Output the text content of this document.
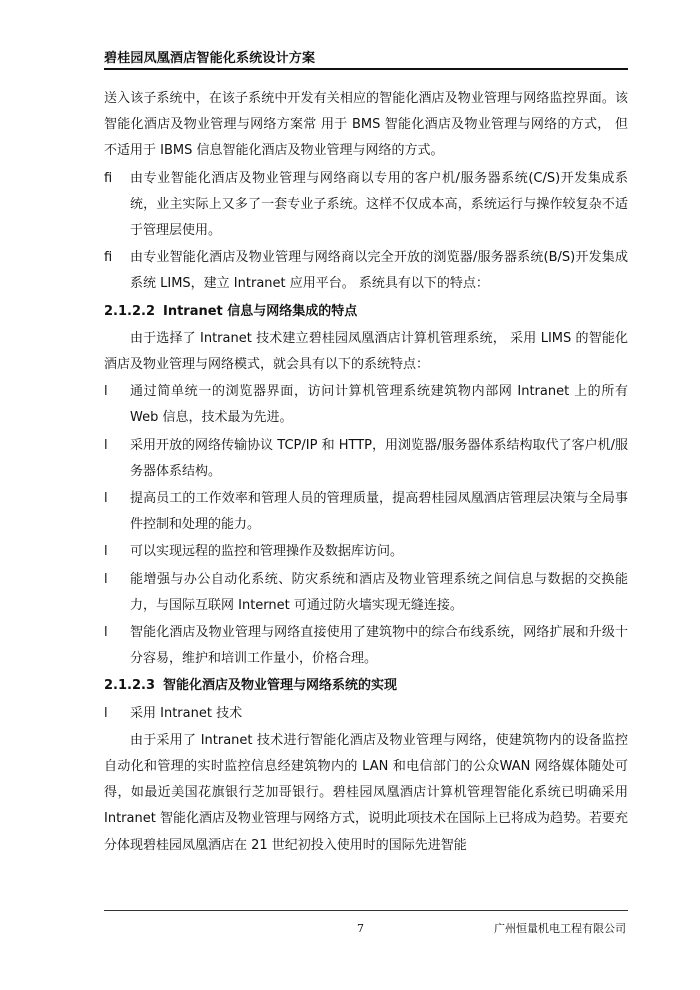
碧桂园凤凰酒店智能化系统设计方案

送入该子系统中，在该子系统中开发有关相应的智能化酒店及物业管理与网络监控界面。该智能化酒店及物业管理与网络方案常 用于 BMS 智能化酒店及物业管理与网络的方式， 但不适用于 IBMS 信息智能化酒店及物业管理与网络的方式。

fi	由专业智能化酒店及物业管理与网络商以专用的客户机/服务器系统(C/S)开发集成系统，业主实际上又多了一套专业子系统。这样不仅成本高，系统运行与操作较复杂不适于管理层使用。
fi	由专业智能化酒店及物业管理与网络商以完全开放的浏览器/服务器系统(B/S)开发集成系统 LIMS，建立 Intranet 应用平台。 系统具有以下的特点：
2.1.2.2 Intranet 信息与网络集成的特点

由于选择了 Intranet 技术建立碧桂园凤凰酒店计算机管理系统， 采用 LIMS 的智能化酒店及物业管理与网络模式，就会具有以下的系统特点：

l	通过简单统一的浏览器界面，访问计算机管理系统建筑物内部网 Intranet 上的所有 Web 信息，技术最为先进。
l	采用开放的网络传输协议 TCP/IP 和 HTTP，用浏览器/服务器体系结构取代了客户机/服务器体系结构。
l	提高员工的工作效率和管理人员的管理质量，提高碧桂园凤凰酒店管理层决策与全局事件控制和处理的能力。
l	可以实现远程的监控和管理操作及数据库访问。
l	能增强与办公自动化系统、防灾系统和酒店及物业管理系统之间信息与数据的交换能力，与国际互联网 Internet 可通过防火墙实现无缝连接。
l	智能化酒店及物业管理与网络直接使用了建筑物中的综合布线系统，网络扩展和升级十分容易，维护和培训工作量小，价格合理。
2.1.2.3 智能化酒店及物业管理与网络系统的实现
l	采用 Intranet 技术

由于采用了 Intranet 技术进行智能化酒店及物业管理与网络，使建筑物内的设备监控自动化和管理的实时监控信息经建筑物内的 LAN 和电信部门的公众WAN 网络媒体随处可得，如最近美国花旗银行芝加哥银行。碧桂园凤凰酒店计算机管理智能化系统已明确采用 Intranet 智能化酒店及物业管理与网络方式，说明此项技术在国际上已将成为趋势。若要充分体现碧桂园凤凰酒店在 21 世纪初投入使用时的国际先进智能

7	广州恒量机电工程有限公司
